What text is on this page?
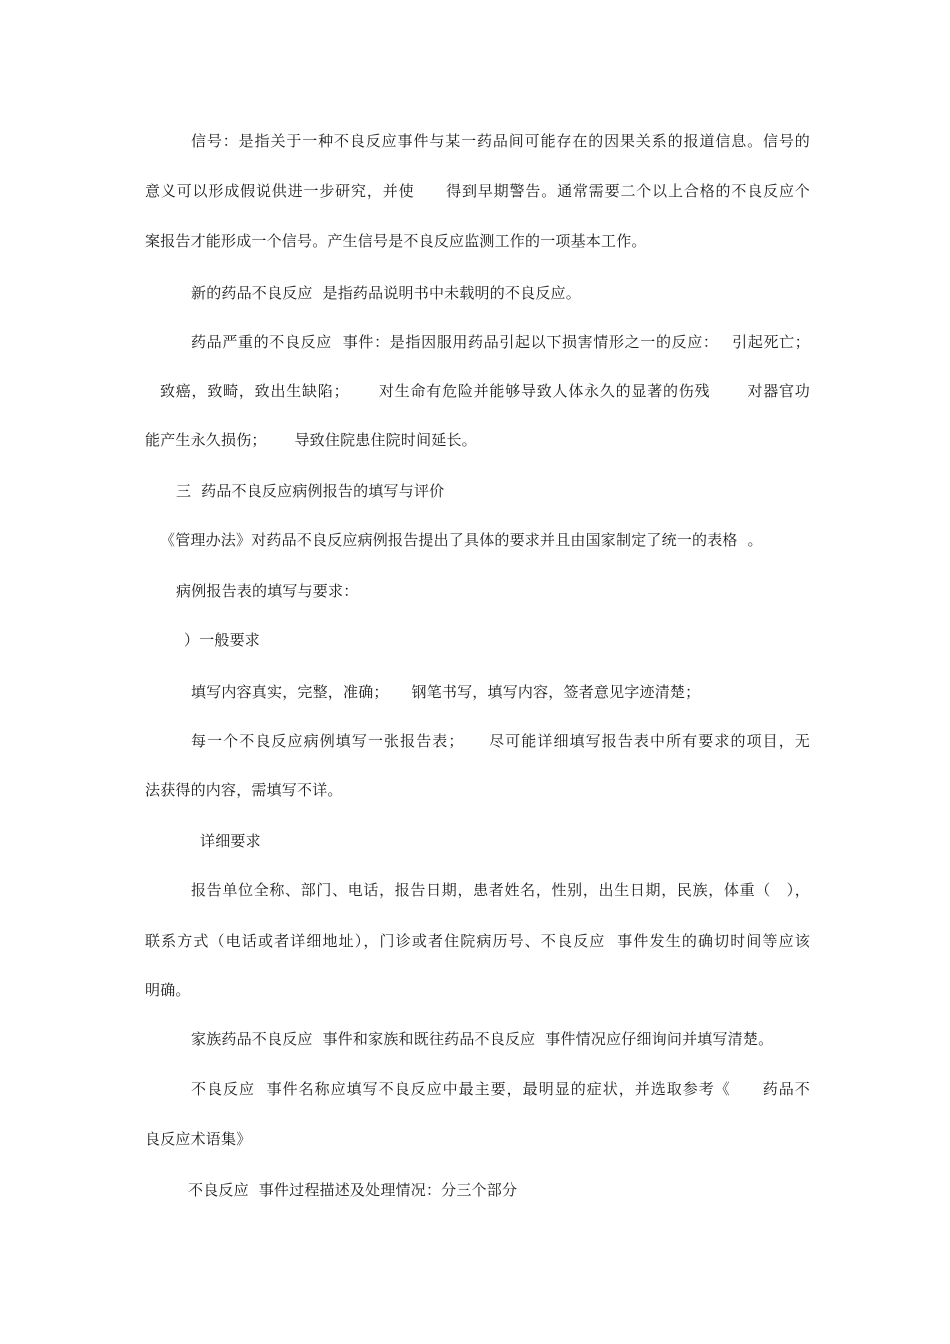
信号：是指关于一种不良反应事件与某一药品间可能存在的因果关系的报道信息。信号的
意义可以形成假说供进一步研究，并使　　得到早期警告。通常需要二个以上合格的不良反应个
案报告才能形成一个信号。产生信号是不良反应监测工作的一项基本工作。
新的药品不良反应  是指药品说明书中未载明的不良反应。
药品严重的不良反应  事件：是指因服用药品引起以下损害情形之一的反应：　 引起死亡；
致癌，致畸，致出生缺陷；　　 对生命有危险并能够导致人体永久的显著的伤残　　 对器官功
能产生永久损伤；　　 导致住院患住院时间延长。
三  药品不良反应病例报告的填写与评价
《管理办法》对药品不良反应病例报告提出了具体的要求并且由国家制定了统一的表格  。
病例报告表的填写与要求：
）一般要求
填写内容真实，完整，准确；　　钢笔书写，填写内容，签者意见字迹清楚；
每一个不良反应病例填写一张报告表；　　尽可能详细填写报告表中所有要求的项目，无
法获得的内容，需填写不详。
详细要求
报告单位全称、部门、电话，报告日期，患者姓名，性别，出生日期，民族，体重（　），
联系方式（电话或者详细地址），门诊或者住院病历号、不良反应  事件发生的确切时间等应该
明确。
家族药品不良反应  事件和家族和既往药品不良反应  事件情况应仔细询问并填写清楚。
不良反应  事件名称应填写不良反应中最主要，最明显的症状，并选取参考《　　药品不
良反应术语集》
不良反应  事件过程描述及处理情况：分三个部分
